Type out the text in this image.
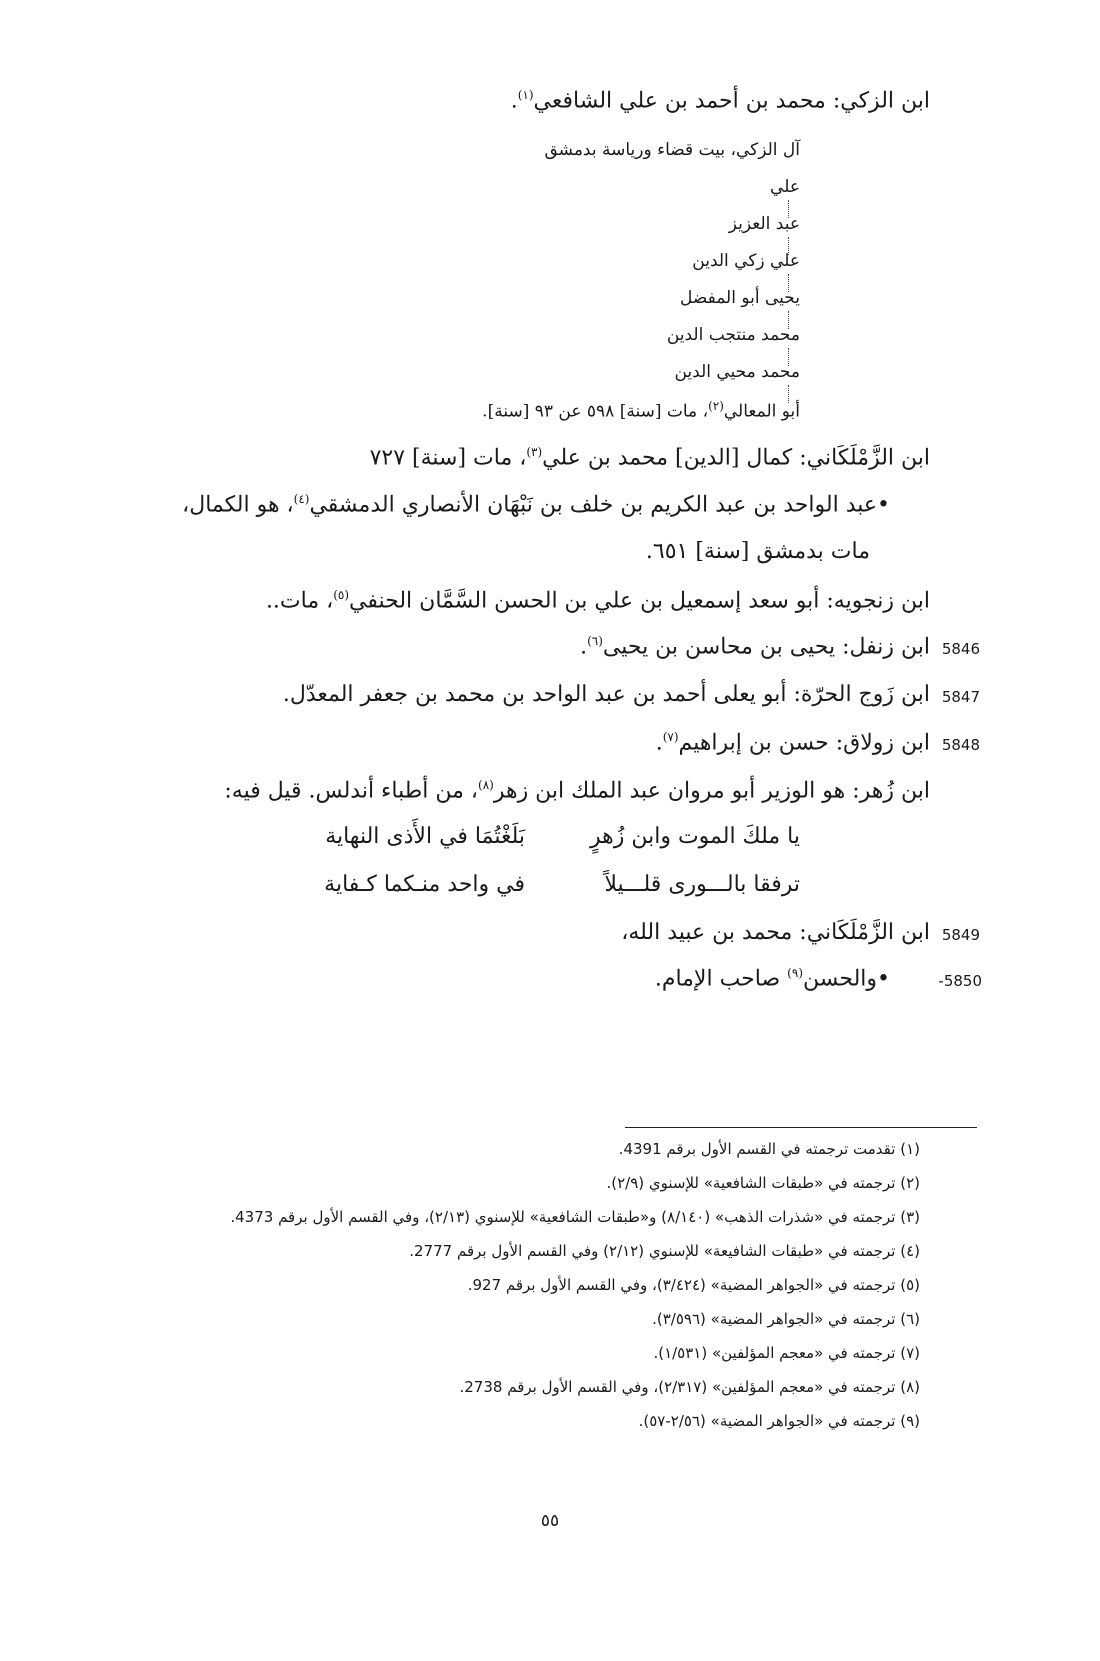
ابن الزكي: محمد بن أحمد بن علي الشافعي$^{(١)}$.
آل الزكي، بيت قضاء ورياسة بدمشق
علي
عبد العزيز
علي زكي الدين
يحيى أبو المفضل
محمد منتجب الدين
محمد محيي الدين
أبو المعالي$^{(٢)}$، مات [سنة] ٥٩٨ عن ٩٣ [سنة].
ابن الزَّمْلَكَاني: كمال [الدين] محمد بن علي$^{(٣)}$، مات [سنة] ٧٢٧
•عبد الواحد بن عبد الكريم بن خلف بن نَبْهَان الأنصاري الدمشقي$^{(٤)}$، هو الكمال،
مات بدمشق [سنة] ٦٥١.
ابن زنجويه: أبو سعد إسمعيل بن علي بن الحسن السَّمَّان الحنفي$^{(٥)}$، مات..
5846
ابن زنفل: يحيى بن محاسن بن يحيى$^{(٦)}$.
5847
ابن زَوج الحرّة: أبو يعلى أحمد بن عبد الواحد بن محمد بن جعفر المعدّل.
5848
ابن زولاق: حسن بن إبراهيم$^{(٧)}$.
ابن زُهر: هو الوزير أبو مروان عبد الملك ابن زهر$^{(٨)}$، من أطباء أندلس. قيل فيه:
يا ملكَ الموت وابن زُهرٍ
بَلَغْتُمَا في الأَذى النهاية
ترفقا بالـــورى قلـــيلاً
في واحد منـكما كـفاية
5849
ابن الزَّمْلَكَاني: محمد بن عبيد الله،
-5850
•والحسن$^{(٩)}$ صاحب الإمام.
(١) تقدمت ترجمته في القسم الأول برقم 4391.
(٢) ترجمته في «طبقات الشافعية» للإسنوي (٢/٩).
(٣) ترجمته في «شذرات الذهب» (٨/١٤٠) و«طبقات الشافعية» للإسنوي (٢/١٣)، وفي القسم الأول برقم 4373.
(٤) ترجمته في «طبقات الشافيعة» للإسنوي (٢/١٢) وفي القسم الأول برقم 2777.
(٥) ترجمته في «الجواهر المضية» (٣/٤٢٤)، وفي القسم الأول برقم 927.
(٦) ترجمته في «الجواهر المضية» (٣/٥٩٦).
(٧) ترجمته في «معجم المؤلفين» (١/٥٣١).
(٨) ترجمته في «معجم المؤلفين» (٢/٣١٧)، وفي القسم الأول برقم 2738.
(٩) ترجمته في «الجواهر المضية» (٢/٥٦-٥٧).
٥٥
